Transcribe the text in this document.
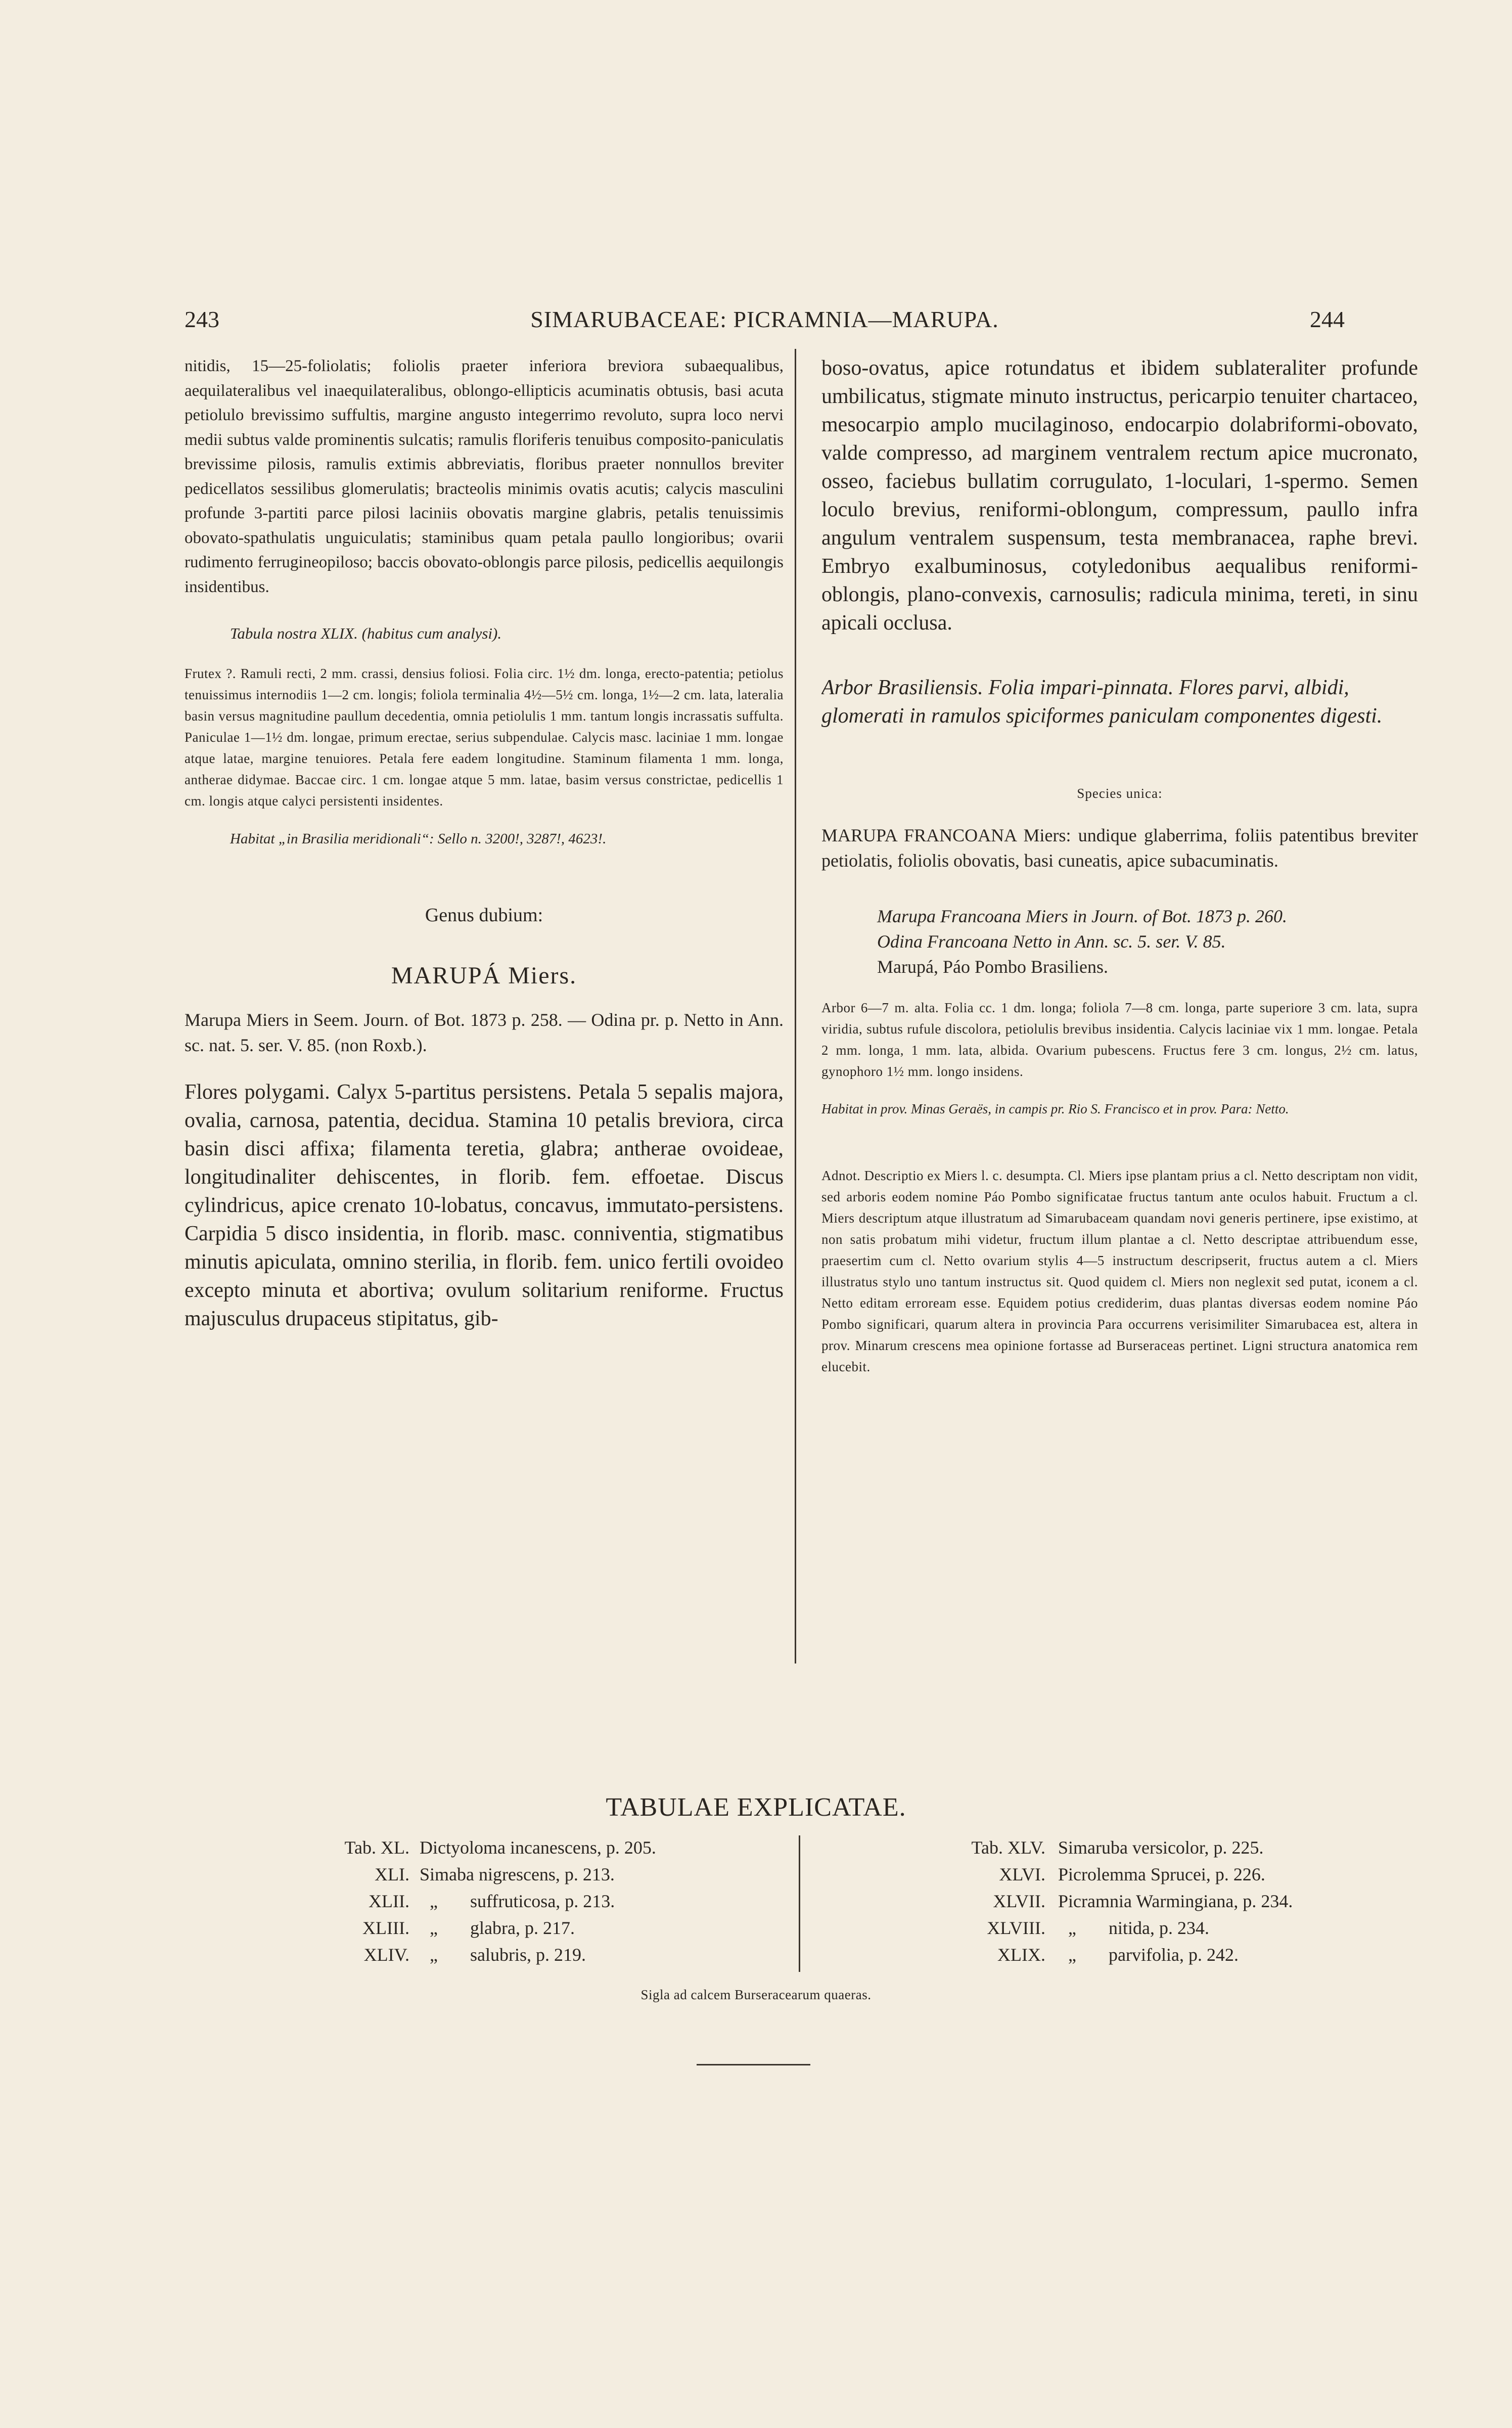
243	SIMARUBACEAE: PICRAMNIA—MARUPA.	244

nitidis, 15—25-foliolatis; foliolis praeter inferiora breviora subaequalibus, aequilateralibus vel inaequilateralibus, oblongo-ellipticis acuminatis obtusis, basi acuta petiolulo brevissimo suffultis, margine angusto integerrimo revoluto, supra loco nervi medii subtus valde prominentis sulcatis; ramulis floriferis tenuibus composito-paniculatis brevissime pilosis, ramulis extimis abbreviatis, floribus praeter nonnullos breviter pedicellatos sessilibus glomerulatis; bracteolis minimis ovatis acutis; calycis masculini profunde 3-partiti parce pilosi laciniis obovatis margine glabris, petalis tenuissimis obovato-spathulatis unguiculatis; staminibus quam petala paullo longioribus; ovarii rudimento ferrugineopiloso; baccis obovato-oblongis parce pilosis, pedicellis aequilongis insidentibus.

Tabula nostra XLIX. (habitus cum analysi).

Frutex ?. Ramuli recti, 2 mm. crassi, densius foliosi. Folia circ. 1½ dm. longa, erecto-patentia; petiolus tenuissimus internodiis 1—2 cm. longis; foliola terminalia 4½—5½ cm. longa, 1½—2 cm. lata, lateralia basin versus magnitudine paullum decedentia, omnia petiolulis 1 mm. tantum longis incrassatis suffulta. Paniculae 1—1½ dm. longae, primum erectae, serius subpendulae. Calycis masc. laciniae 1 mm. longae atque latae, margine tenuiores. Petala fere eadem longitudine. Staminum filamenta 1 mm. longa, antherae didymae. Baccae circ. 1 cm. longae atque 5 mm. latae, basim versus constrictae, pedicellis 1 cm. longis atque calyci persistenti insidentes.

Habitat „in Brasilia meridionali“: Sello n. 3200!, 3287!, 4623!.
Genus dubium:
MARUPÁ Miers.

Marupa Miers in Seem. Journ. of Bot. 1873 p. 258. — Odina pr. p. Netto in Ann. sc. nat. 5. ser. V. 85. (non Roxb.).

Flores polygami. Calyx 5-partitus persistens. Petala 5 sepalis majora, ovalia, carnosa, patentia, decidua. Stamina 10 petalis breviora, circa basin disci affixa; filamenta teretia, glabra; antherae ovoideae, longitudinaliter dehiscentes, in florib. fem. effoetae. Discus cylindricus, apice crenato 10-lobatus, concavus, immutato-persistens. Carpidia 5 disco insidentia, in florib. masc. conniventia, stigmatibus minutis apiculata, omnino sterilia, in florib. fem. unico fertili ovoideo excepto minuta et abortiva; ovulum solitarium reniforme. Fructus majusculus drupaceus stipitatus, gib-

boso-ovatus, apice rotundatus et ibidem sublateraliter profunde umbilicatus, stigmate minuto instructus, pericarpio tenuiter chartaceo, mesocarpio amplo mucilaginoso, endocarpio dolabriformi-obovato, valde compresso, ad marginem ventralem rectum apice mucronato, osseo, faciebus bullatim corrugulato, 1-loculari, 1-spermo. Semen loculo brevius, reniformi-oblongum, compressum, paullo infra angulum ventralem suspensum, testa membranacea, raphe brevi. Embryo exalbuminosus, cotyledonibus aequalibus reniformi-oblongis, plano-convexis, carnosulis; radicula minima, tereti, in sinu apicali occlusa.

Arbor Brasiliensis. Folia impari-pinnata. Flores parvi, albidi, glomerati in ramulos spiciformes paniculam componentes digesti.

Species unica:

MARUPA FRANCOANA Miers: undique glaberrima, foliis patentibus breviter petiolatis, foliolis obovatis, basi cuneatis, apice subacuminatis.

Marupa Francoana Miers in Journ. of Bot. 1873 p. 260.
Odina Francoana Netto in Ann. sc. 5. ser. V. 85.
Marupá, Páo Pombo Brasiliens.

Arbor 6—7 m. alta. Folia cc. 1 dm. longa; foliola 7—8 cm. longa, parte superiore 3 cm. lata, supra viridia, subtus rufule discolora, petiolulis brevibus insidentia. Calycis laciniae vix 1 mm. longae. Petala 2 mm. longa, 1 mm. lata, albida. Ovarium pubescens. Fructus fere 3 cm. longus, 2½ cm. latus, gynophoro 1½ mm. longo insidens.

Habitat in prov. Minas Geraës, in campis pr. Rio S. Francisco et in prov. Para: Netto.

Adnot. Descriptio ex Miers l. c. desumpta. Cl. Miers ipse plantam prius a cl. Netto descriptam non vidit, sed arboris eodem nomine Páo Pombo significatae fructus tantum ante oculos habuit. Fructum a cl. Miers descriptum atque illustratum ad Simarubaceam quandam novi generis pertinere, ipse existimo, at non satis probatum mihi videtur, fructum illum plantae a cl. Netto descriptae attribuendum esse, praesertim cum cl. Netto ovarium stylis 4—5 instructum descripserit, fructus autem a cl. Miers illustratus stylo uno tantum instructus sit. Quod quidem cl. Miers non neglexit sed putat, iconem a cl. Netto editam erroream esse. Equidem potius crediderim, duas plantas diversas eodem nomine Páo Pombo significari, quarum altera in provincia Para occurrens verisimiliter Simarubacea est, altera in prov. Minarum crescens mea opinione fortasse ad Burseraceas pertinet. Ligni structura anatomica rem elucebit.

TABULAE EXPLICATAE.
Tab. XL. Dictyoloma incanescens, p. 205.
XLI. Simaba nigrescens, p. 213.
XLII. „ suffruticosa, p. 213.
XLIII. „ glabra, p. 217.
XLIV. „ salubris, p. 219.
Tab. XLV. Simaruba versicolor, p. 225.
XLVI. Picrolemma Sprucei, p. 226.
XLVII. Picramnia Warmingiana, p. 234.
XLVIII. „ nitida, p. 234.
XLIX. „ parvifolia, p. 242.
Sigla ad calcem Burseracearum quaeras.
